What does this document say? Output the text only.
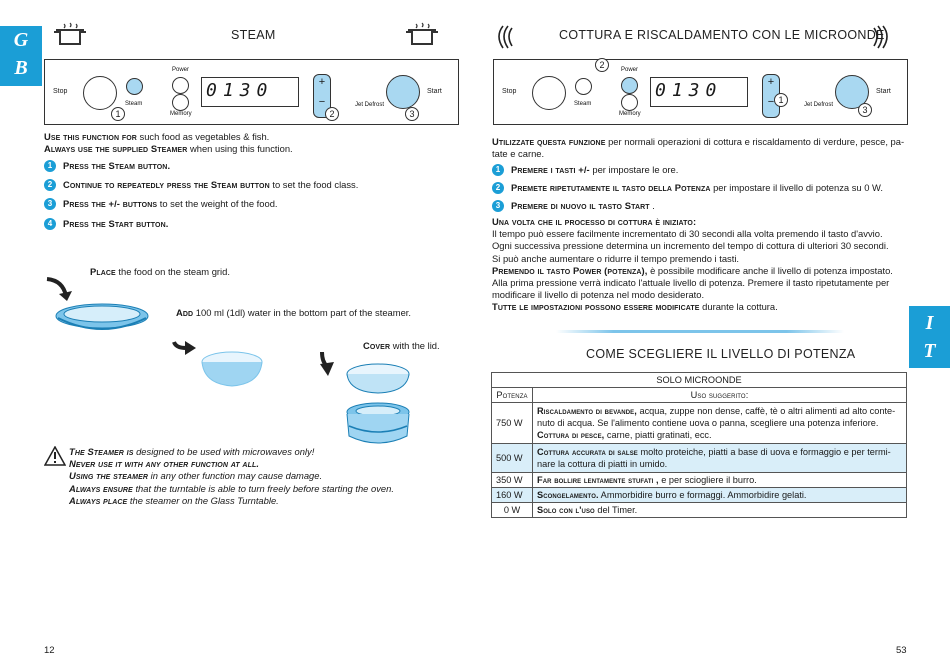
G
B
STEAM
Stop
Steam
Power
Memory
0130	+
−	Jet Defrost
Start
1	2	3

Use this function for such food as vegetables & fish.

Always use the supplied Steamer when using this function.

1 Press the Steam button.

2 Continue to repeatedly press the Steam button to set the food class.

3 Press the +/- buttons to set the weight of the food.

4 Press the Start button.

Place the food on the steam grid.
Add 100 ml (1dl) water in the bottom part of the steamer.
Cover with the lid.

The Steamer is designed to be used with microwaves only!

Never use it with any other function at all.

Using the steamer in any other function may cause damage.

Always ensure that the turntable is able to turn freely before starting the oven.

Always place the steamer on the Glass Turntable.

12
COTTURA E RISCALDAMENTO CON LE MICROONDE
Stop
Steam
Power
Memory
0130	+
−	Jet Defrost
Start
2
1
3

Utilizzate questa funzione per normali operazioni di cottura e riscaldamento di verdure, pesce, pa-

tate e carne.

1 Premere i tasti +/- per impostare le ore.

2 Premete ripetutamente il tasto della Potenza per impostare il livello di potenza su 0 W.

3 Premere di nuovo il tasto Start .

Una volta che il processo di cottura è iniziato:

Il tempo può essere facilmente incrementato di 30 secondi alla volta premendo il tasto d'avvio.

Ogni successiva pressione determina un incremento del tempo di cottura di ulteriori 30 secondi.

Si può anche aumentare o ridurre il tempo premendo i tasti.

Premendo il tasto Power (potenza), è possibile modificare anche il livello di potenza impostato.

Alla prima pressione verrà indicato l'attuale livello di potenza. Premere il tasto ripetutamente per

modificare il livello di potenza nel modo desiderato.

Tutte le impostazioni possono essere modificate durante la cottura.

COME SCEGLIERE IL LIVELLO DI POTENZA
SOLO MICROONDE	
Potenza	Uso suggerito:
750 W	Riscaldamento di bevande, acqua, zuppe non dense, caffè, tè o altri alimenti ad alto conte-
nuto di acqua. Se l'alimento contiene uova o panna, scegliere una potenza inferiore.
Cottura di pesce, carne, piatti gratinati, ecc.
500 W	Cottura accurata di salse molto proteiche, piatti a base di uova e formaggio e per termi-
nare la cottura di piatti in umido.
350 W	Far bollire lentamente stufati , e per sciogliere il burro.
160 W	Scongelamento. Ammorbidire burro e formaggi. Ammorbidire gelati.
0 W	Solo con l'uso del Timer.
I
T
53
